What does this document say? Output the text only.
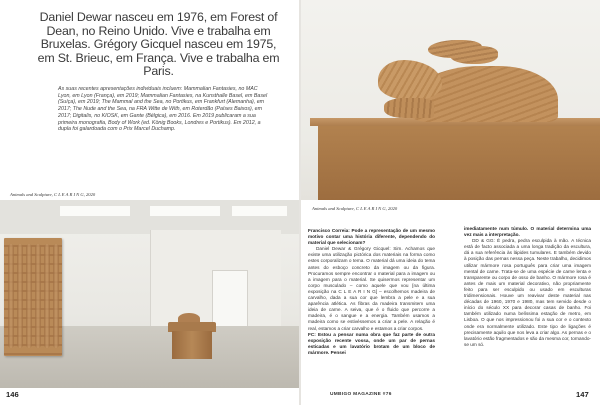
Daniel Dewar nasceu em 1976, em Forest of Dean, no Reino Unido. Vive e trabalha em Bruxelas. Grégory Gicquel nasceu em 1975, em St. Brieuc, em França. Vive e trabalha em Paris.

As suas recentes apresentações individuais incluem: Mammalian Fantasies, no MAC Lyon, em Lyon (França), em 2019; Mammalian Fantasies, na Kunsthalle Basel, em Basel (Suíça), em 2019; The Mammal and the Sea, no Portikus, em Frankfurt (Alemanha), em 2017; The Nude and the Sea, na FRA Witte de With, em Roterdão (Países Baixos), em 2017; Digitalis, no KIOSK, em Gante (Bélgica), em 2016. Em 2019 publicaram a sua primeira monografia, Body of Work (ed. König Books, Londres e Portikus). Em 2012, a dupla foi galardoada com o Prix Marcel Duchamp.

Animals and Sculpture, C L E A R I N G, 2020

146

Animals and Sculpture, C L E A R I N G, 2020

Francisco Correia: Pode a representação de um mesmo motivo contar uma história diferente, dependendo do material que selecionam?

Daniel Dewar & Grégory Gicquel: Sim. Achamos que existe uma utilização pictórica dos materiais na forma como estes corporalizam o tema. O material dá uma ideia do tema antes do esboço concreto da imagem ou da figura. Procuramos sempre encontrar o material para a imagem ou a imagem para o material. Se quisermos representar um corpo musculado – como aquele que vou [na última exposição na C L E A R I N G] – escolhemos madeira de carvalho, dada a sua cor que lembra a pele e a sua aparência atlética. As fibras da madeira transmitem uma ideia de carne. A seiva, que é o fluido que percorre a madeira, é o sangue e a energia. Também usamos a madeira como se estivéssemos a criar a pele. A relação é real, estamos a criar carvalho e estamos a criar corpos.

FC: Estou a pensar numa obra que faz parte de outra exposição recente vossa, onde um par de pernas esticadas e um lavatório brotam de um bloco de mármore. Pensei

imediatamente num túmulo. O material determina uma vez mais a interpretação.

DD & GG: É pedra, pedra esculpida à mão. A técnica está de facto associada a uma longa tradição da escultura, dá a sua referência às lápides tumulares. E também devido à posição das pernas nessa peça. Neste trabalho, decidimos utilizar mármore rosa português para criar uma imagem mental de carne. Trata-se de uma espécie de carne lenta e transparente ou corpo de osso de banho. O mármore rosa é antes de mais um material decorativo, não propriamente feito para ser esculpido ou usado em esculturas tridimensionais. Houve um reavivar deste material nas décadas de 1960, 1970 e 1980, mas tem servido desde o início do século XX para decorar casas de banho. Foi também utilizado numa belíssima estação de metro, em Lisboa. O que nos impressionou foi a sua cor e o contexto onde era normalmente utilizado. Este tipo de ligações é precisamente aquilo que nos leva a criar algo. As pernas e o lavatório estão fragmentados e são da mesma cor, tornando-se um só.

UMBIGO MAGAZINE #76	147
